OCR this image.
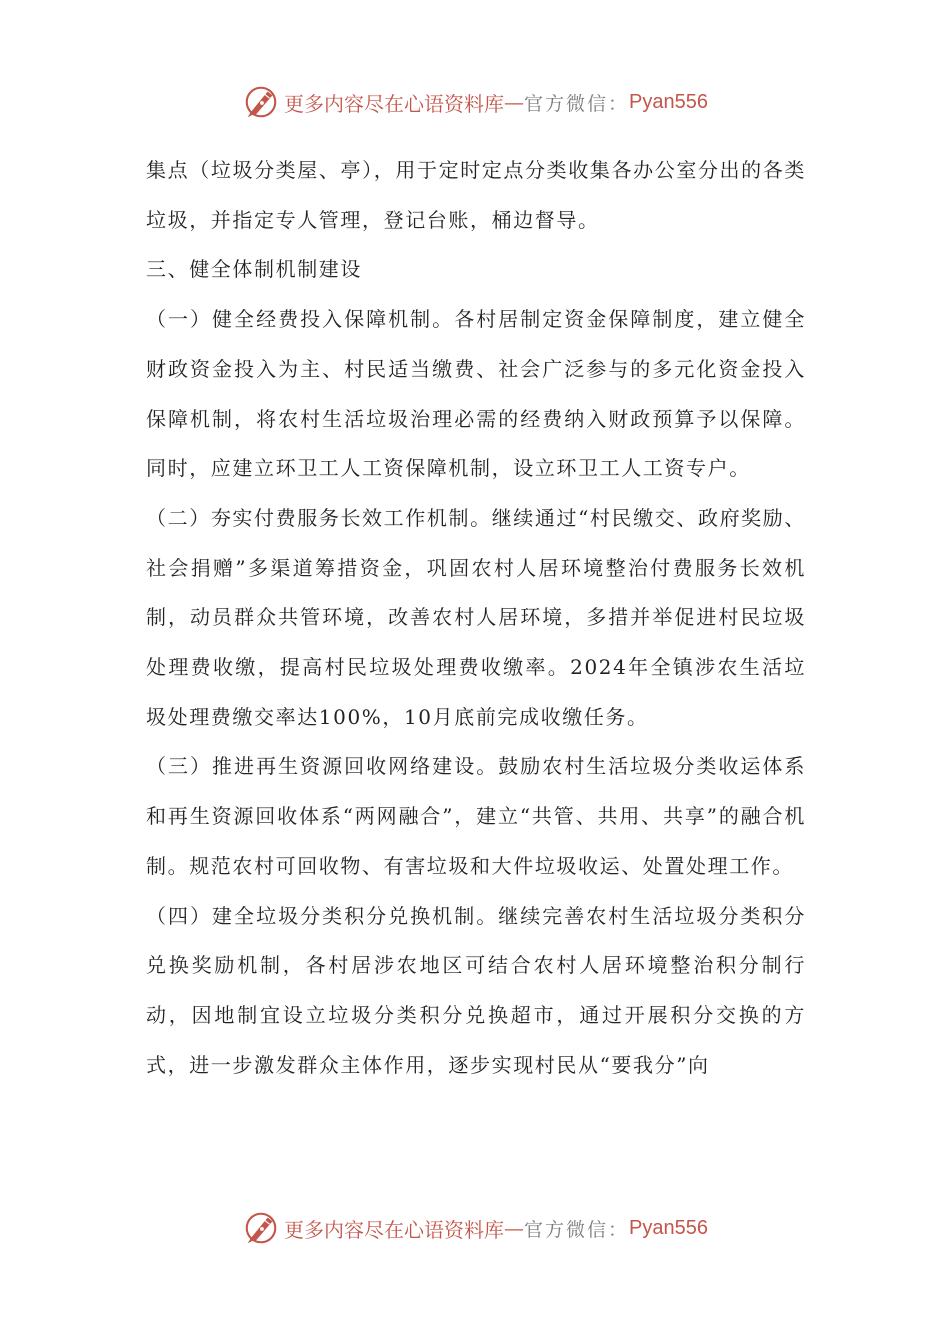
更多内容尽在心语资料库 — 官方微信： Pyan556

集点（垃圾分类屋、亭），用于定时定点分类收集各办公室分出的各类垃圾，并指定专人管理，登记台账，桶边督导。

三、健全体制机制建设

（一）健全经费投入保障机制。各村居制定资金保障制度，建立健全财政资金投入为主、村民适当缴费、社会广泛参与的多元化资金投入保障机制，将农村生活垃圾治理必需的经费纳入财政预算予以保障。同时，应建立环卫工人工资保障机制，设立环卫工人工资专户。

（二）夯实付费服务长效工作机制。继续通过“村民缴交、政府奖励、社会捐赠”多渠道筹措资金，巩固农村人居环境整治付费服务长效机制，动员群众共管环境，改善农村人居环境，多措并举促进村民垃圾处理费收缴，提高村民垃圾处理费收缴率。2024年全镇涉农生活垃圾处理费缴交率达100%，10月底前完成收缴任务。

（三）推进再生资源回收网络建设。鼓励农村生活垃圾分类收运体系和再生资源回收体系“两网融合”，建立“共管、共用、共享”的融合机制。规范农村可回收物、有害垃圾和大件垃圾收运、处置处理工作。

（四）建全垃圾分类积分兑换机制。继续完善农村生活垃圾分类积分兑换奖励机制，各村居涉农地区可结合农村人居环境整治积分制行动，因地制宜设立垃圾分类积分兑换超市，通过开展积分交换的方式，进一步激发群众主体作用，逐步实现村民从“要我分”向

更多内容尽在心语资料库 — 官方微信： Pyan556
